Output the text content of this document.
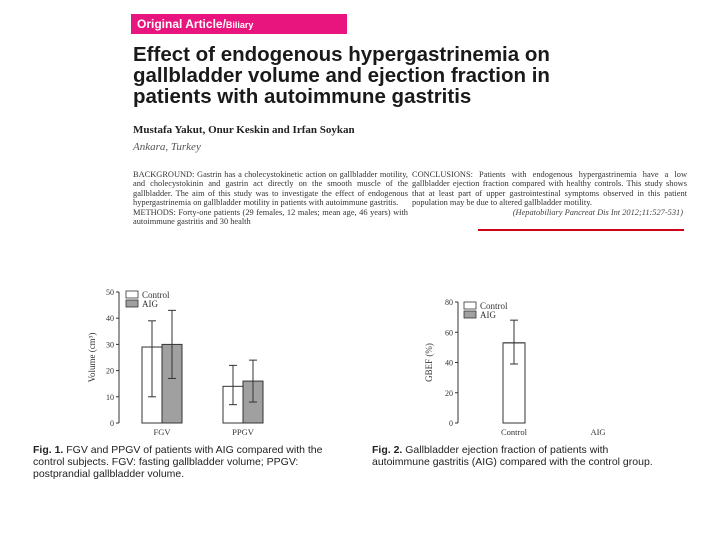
Original Article/Biliary
Effect of endogenous hypergastrinemia on
gallbladder volume and ejection fraction in
patients with autoimmune gastritis
Mustafa Yakut, Onur Keskin and Irfan Soykan
Ankara, Turkey
BACKGROUND: Gastrin has a cholecystokinetic action on gallbladder motility, and cholecystokinin and gastrin act directly on the smooth muscle of the gallbladder. The aim of this study was to investigate the effect of endogenous hypergastrinemia on gallbladder motility in patients with autoimmune gastritis.
METHODS: Forty-one patients (29 females, 12 males; mean age, 46 years) with autoimmune gastritis and 30 health
CONCLUSIONS: Patients with endogenous hypergastrinemia have a low gallbladder ejection fraction compared with healthy controls. This study shows that at least part of upper gastrointestinal symptoms observed in this patient population may be due to altered gallbladder motility.

(Hepatobiliary Pancreat Dis Int 2012;11:527-531)
0
10
20
30
40
50
Volume (cm³)
FGV	PPGV
Control
AIG
0
20
40
60
80
GBEF (%)
Control	AIG
Control
AIG
Fig. 1. FGV and PPGV of patients with AIG compared with the control subjects. FGV: fasting gallbladder volume; PPGV: postprandial gallbladder volume.
Fig. 2. Gallbladder ejection fraction of patients with autoimmune gastritis (AIG) compared with the control group.
